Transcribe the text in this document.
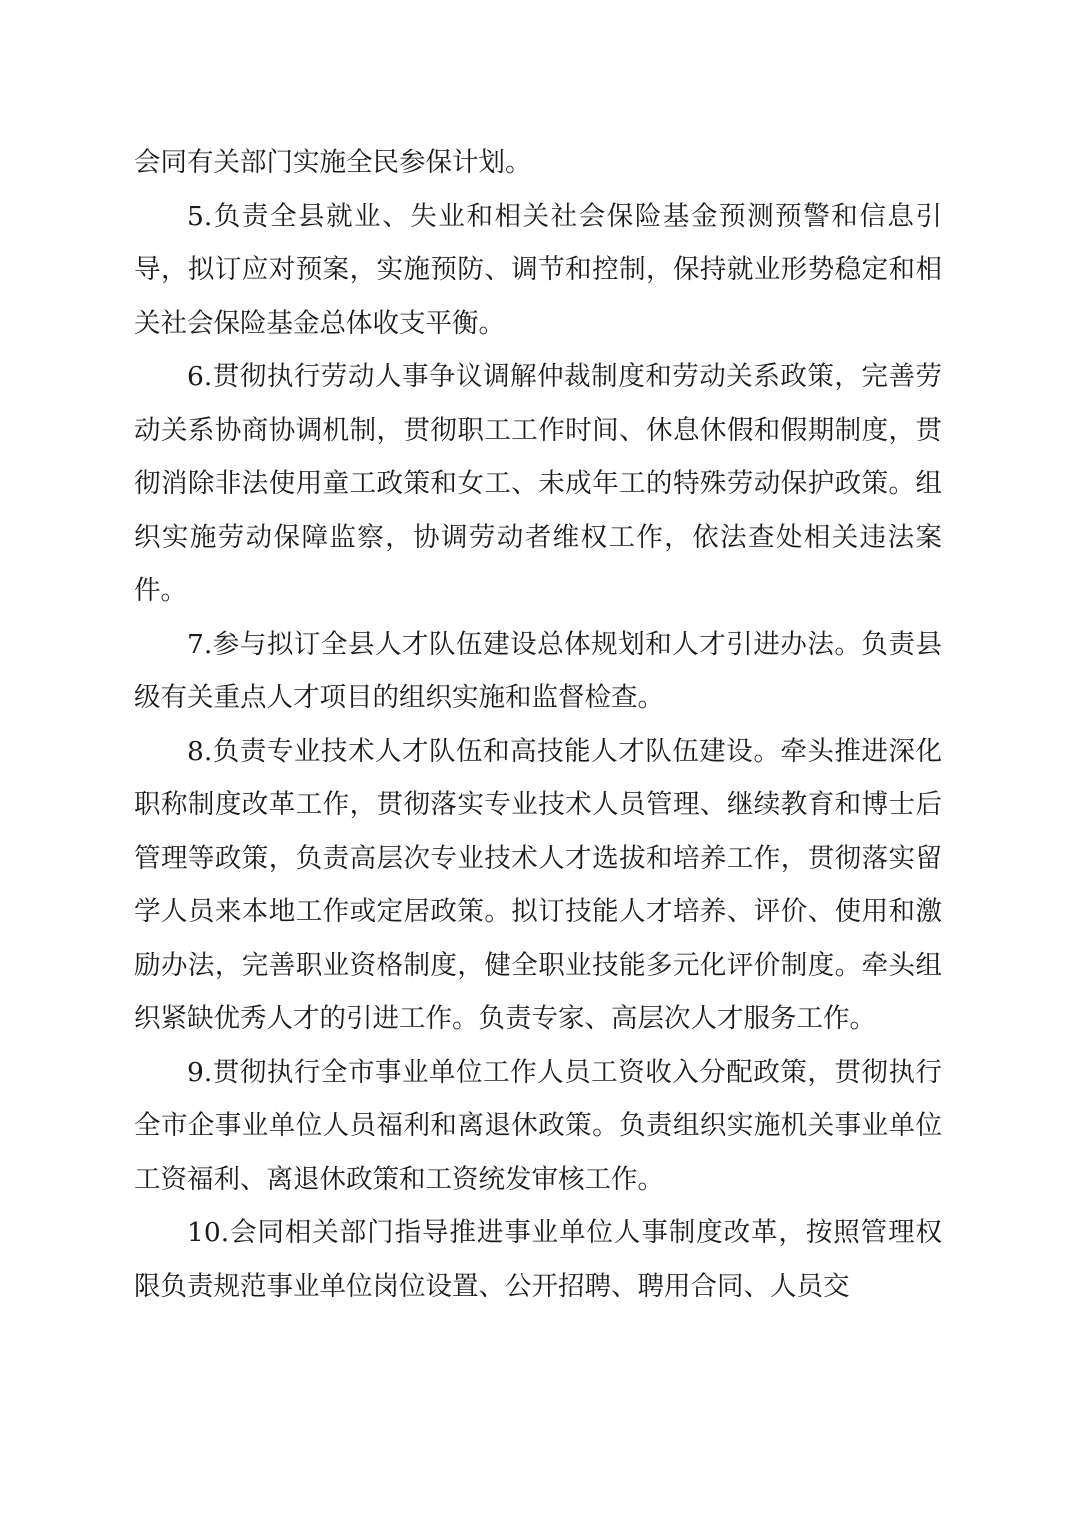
会同有关部门实施全民参保计划。

5.负责全县就业、失业和相关社会保险基金预测预警和信息引导，拟订应对预案，实施预防、调节和控制，保持就业形势稳定和相关社会保险基金总体收支平衡。

6.贯彻执行劳动人事争议调解仲裁制度和劳动关系政策，完善劳动关系协商协调机制，贯彻职工工作时间、休息休假和假期制度，贯彻消除非法使用童工政策和女工、未成年工的特殊劳动保护政策。组织实施劳动保障监察，协调劳动者维权工作，依法查处相关违法案件。

7.参与拟订全县人才队伍建设总体规划和人才引进办法。负责县级有关重点人才项目的组织实施和监督检查。

8.负责专业技术人才队伍和高技能人才队伍建设。牵头推进深化职称制度改革工作，贯彻落实专业技术人员管理、继续教育和博士后管理等政策，负责高层次专业技术人才选拔和培养工作，贯彻落实留学人员来本地工作或定居政策。拟订技能人才培养、评价、使用和激励办法，完善职业资格制度，健全职业技能多元化评价制度。牵头组织紧缺优秀人才的引进工作。负责专家、高层次人才服务工作。

9.贯彻执行全市事业单位工作人员工资收入分配政策，贯彻执行全市企事业单位人员福利和离退休政策。负责组织实施机关事业单位工资福利、离退休政策和工资统发审核工作。

10.会同相关部门指导推进事业单位人事制度改革，按照管理权限负责规范事业单位岗位设置、公开招聘、聘用合同、人员交
